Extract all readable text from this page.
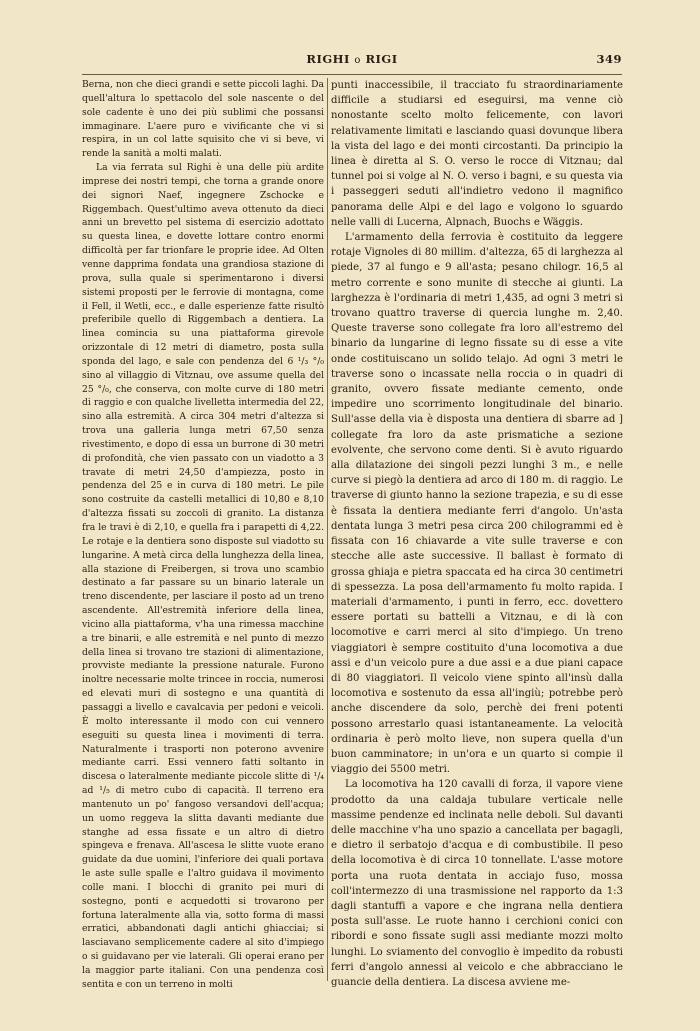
RIGHI o RIGI	349

Berna, non che dieci grandi e sette piccoli laghi. Da quell'altura lo spettacolo del sole nascente o del sole cadente è uno dei più sublimi che possansi immaginare. L'aere puro e vivificante che vi si respira, in un col latte squisito che vi si beve, vi rende la sanità a molti malati.

La via ferrata sul Righi è una delle più ardite imprese dei nostri tempi, che torna a grande onore dei signori Naef, ingegnere Zschocke e Riggembach. Quest'ultimo aveva ottenuto da dieci anni un brevetto pel sistema di esercizio adottato su questa linea, e dovette lottare contro enormi difficoltà per far trionfare le proprie idee. Ad Olten venne dapprima fondata una grandiosa stazione di prova, sulla quale si sperimentarono i diversi sistemi proposti per le ferrovie di montagna, come il Fell, il Wetli, ecc., e dalle esperienze fatte risultò preferibile quello di Riggembach a dentiera. La linea comincia su una piattaforma girevole orizzontale di 12 metri di diametro, posta sulla sponda del lago, e sale con pendenza del 6 ¹/₃ °/₀ sino al villaggio di Vitznau, ove assume quella del 25 °/₀, che conserva, con molte curve di 180 metri di raggio e con qualche livelletta intermedia del 22, sino alla estremità. A circa 304 metri d'altezza si trova una galleria lunga metri 67,50 senza rivestimento, e dopo di essa un burrone di 30 metri di profondità, che vien passato con un viadotto a 3 travate di metri 24,50 d'ampiezza, posto in pendenza del 25 e in curva di 180 metri. Le pile sono costruite da castelli metallici di 10,80 e 8,10 d'altezza fissati su zoccoli di granito. La distanza fra le travi è di 2,10, e quella fra i parapetti di 4,22. Le rotaje e la dentiera sono disposte sul viadotto su lungarine. A metà circa della lunghezza della linea, alla stazione di Freibergen, si trova uno scambio destinato a far passare su un binario laterale un treno discendente, per lasciare il posto ad un treno ascendente. All'estremità inferiore della linea, vicino alla piattaforma, v'ha una rimessa macchine a tre binarii, e alle estremità e nel punto di mezzo della linea si trovano tre stazioni di alimentazione, provviste mediante la pressione naturale. Furono inoltre necessarie molte trincee in roccia, numerosi ed elevati muri di sostegno e una quantità di passaggi a livello e cavalcavia per pedoni e veicoli. È molto interessante il modo con cui vennero eseguiti su questa linea i movimenti di terra. Naturalmente i trasporti non poterono avvenire mediante carri. Essi vennero fatti soltanto in discesa o lateralmente mediante piccole slitte di ¹/₄ ad ¹/₅ di metro cubo di capacità. Il terreno era mantenuto un po' fangoso versandovi dell'acqua; un uomo reggeva la slitta davanti mediante due stanghe ad essa fissate e un altro di dietro spingeva e frenava. All'ascesa le slitte vuote erano guidate da due uomini, l'inferiore dei quali portava le aste sulle spalle e l'altro guidava il movimento colle mani. I blocchi di granito pei muri di sostegno, ponti e acquedotti si trovarono per fortuna lateralmente alla via, sotto forma di massi erratici, abbandonati dagli antichi ghiacciai; si lasciavano semplicemente cadere al sito d'impiego o si guidavano per vie laterali. Gli operai erano per la maggior parte italiani. Con una pendenza così sentita e con un terreno in molti

punti inaccessibile, il tracciato fu straordinariamente difficile a studiarsi ed eseguirsi, ma venne ciò nonostante scelto molto felicemente, con lavori relativamente limitati e lasciando quasi dovunque libera la vista del lago e dei monti circostanti. Da principio la linea è diretta al S. O. verso le rocce di Vitznau; dal tunnel poi si volge al N. O. verso i bagni, e su questa via i passeggeri seduti all'indietro vedono il magnifico panorama delle Alpi e del lago e volgono lo sguardo nelle valli di Lucerna, Alpnach, Buochs e Wäggis.

L'armamento della ferrovia è costituito da leggere rotaje Vignoles di 80 millim. d'altezza, 65 di larghezza al piede, 37 al fungo e 9 all'asta; pesano chilogr. 16,5 al metro corrente e sono munite di stecche ai giunti. La larghezza è l'ordinaria di metri 1,435, ad ogni 3 metri si trovano quattro traverse di quercia lunghe m. 2,40. Queste traverse sono collegate fra loro all'estremo del binario da lungarine di legno fissate su di esse a vite onde costituiscano un solido telajo. Ad ogni 3 metri le traverse sono o incassate nella roccia o in quadri di granito, ovvero fissate mediante cemento, onde impedire uno scorrimento longitudinale del binario. Sull'asse della via è disposta una dentiera di sbarre ad ] collegate fra loro da aste prismatiche a sezione evolvente, che servono come denti. Si è avuto riguardo alla dilatazione dei singoli pezzi lunghi 3 m., e nelle curve si piegò la dentiera ad arco di 180 m. di raggio. Le traverse di giunto hanno la sezione trapezia, e su di esse è fissata la dentiera mediante ferri d'angolo. Un'asta dentata lunga 3 metri pesa circa 200 chilogrammi ed è fissata con 16 chiavarde a vite sulle traverse e con stecche alle aste successive. Il ballast è formato di grossa ghiaja e pietra spaccata ed ha circa 30 centimetri di spessezza. La posa dell'armamento fu molto rapida. I materiali d'armamento, i punti in ferro, ecc. dovettero essere portati su battelli a Vitznau, e di là con locomotive e carri merci al sito d'impiego. Un treno viaggiatori è sempre costituito d'una locomotiva a due assi e d'un veicolo pure a due assi e a due piani capace di 80 viaggiatori. Il veicolo viene spinto all'insù dalla locomotiva e sostenuto da essa all'ingiù; potrebbe però anche discendere da solo, perchè dei freni potenti possono arrestarlo quasi istantaneamente. La velocità ordinaria è però molto lieve, non supera quella d'un buon camminatore; in un'ora e un quarto si compie il viaggio dei 5500 metri.

La locomotiva ha 120 cavalli di forza, il vapore viene prodotto da una caldaja tubulare verticale nelle massime pendenze ed inclinata nelle deboli. Sul davanti delle macchine v'ha uno spazio a cancellata per bagagli, e dietro il serbatojo d'acqua e di combustibile. Il peso della locomotiva è di circa 10 tonnellate. L'asse motore porta una ruota dentata in acciajo fuso, mossa coll'intermezzo di una trasmissione nel rapporto da 1:3 dagli stantuffi a vapore e che ingrana nella dentiera posta sull'asse. Le ruote hanno i cerchioni conici con ribordi e sono fissate sugli assi mediante mozzi molto lunghi. Lo sviamento del convoglio è impedito da robusti ferri d'angolo annessi al veicolo e che abbracciano le guancie della dentiera. La discesa avviene me-
